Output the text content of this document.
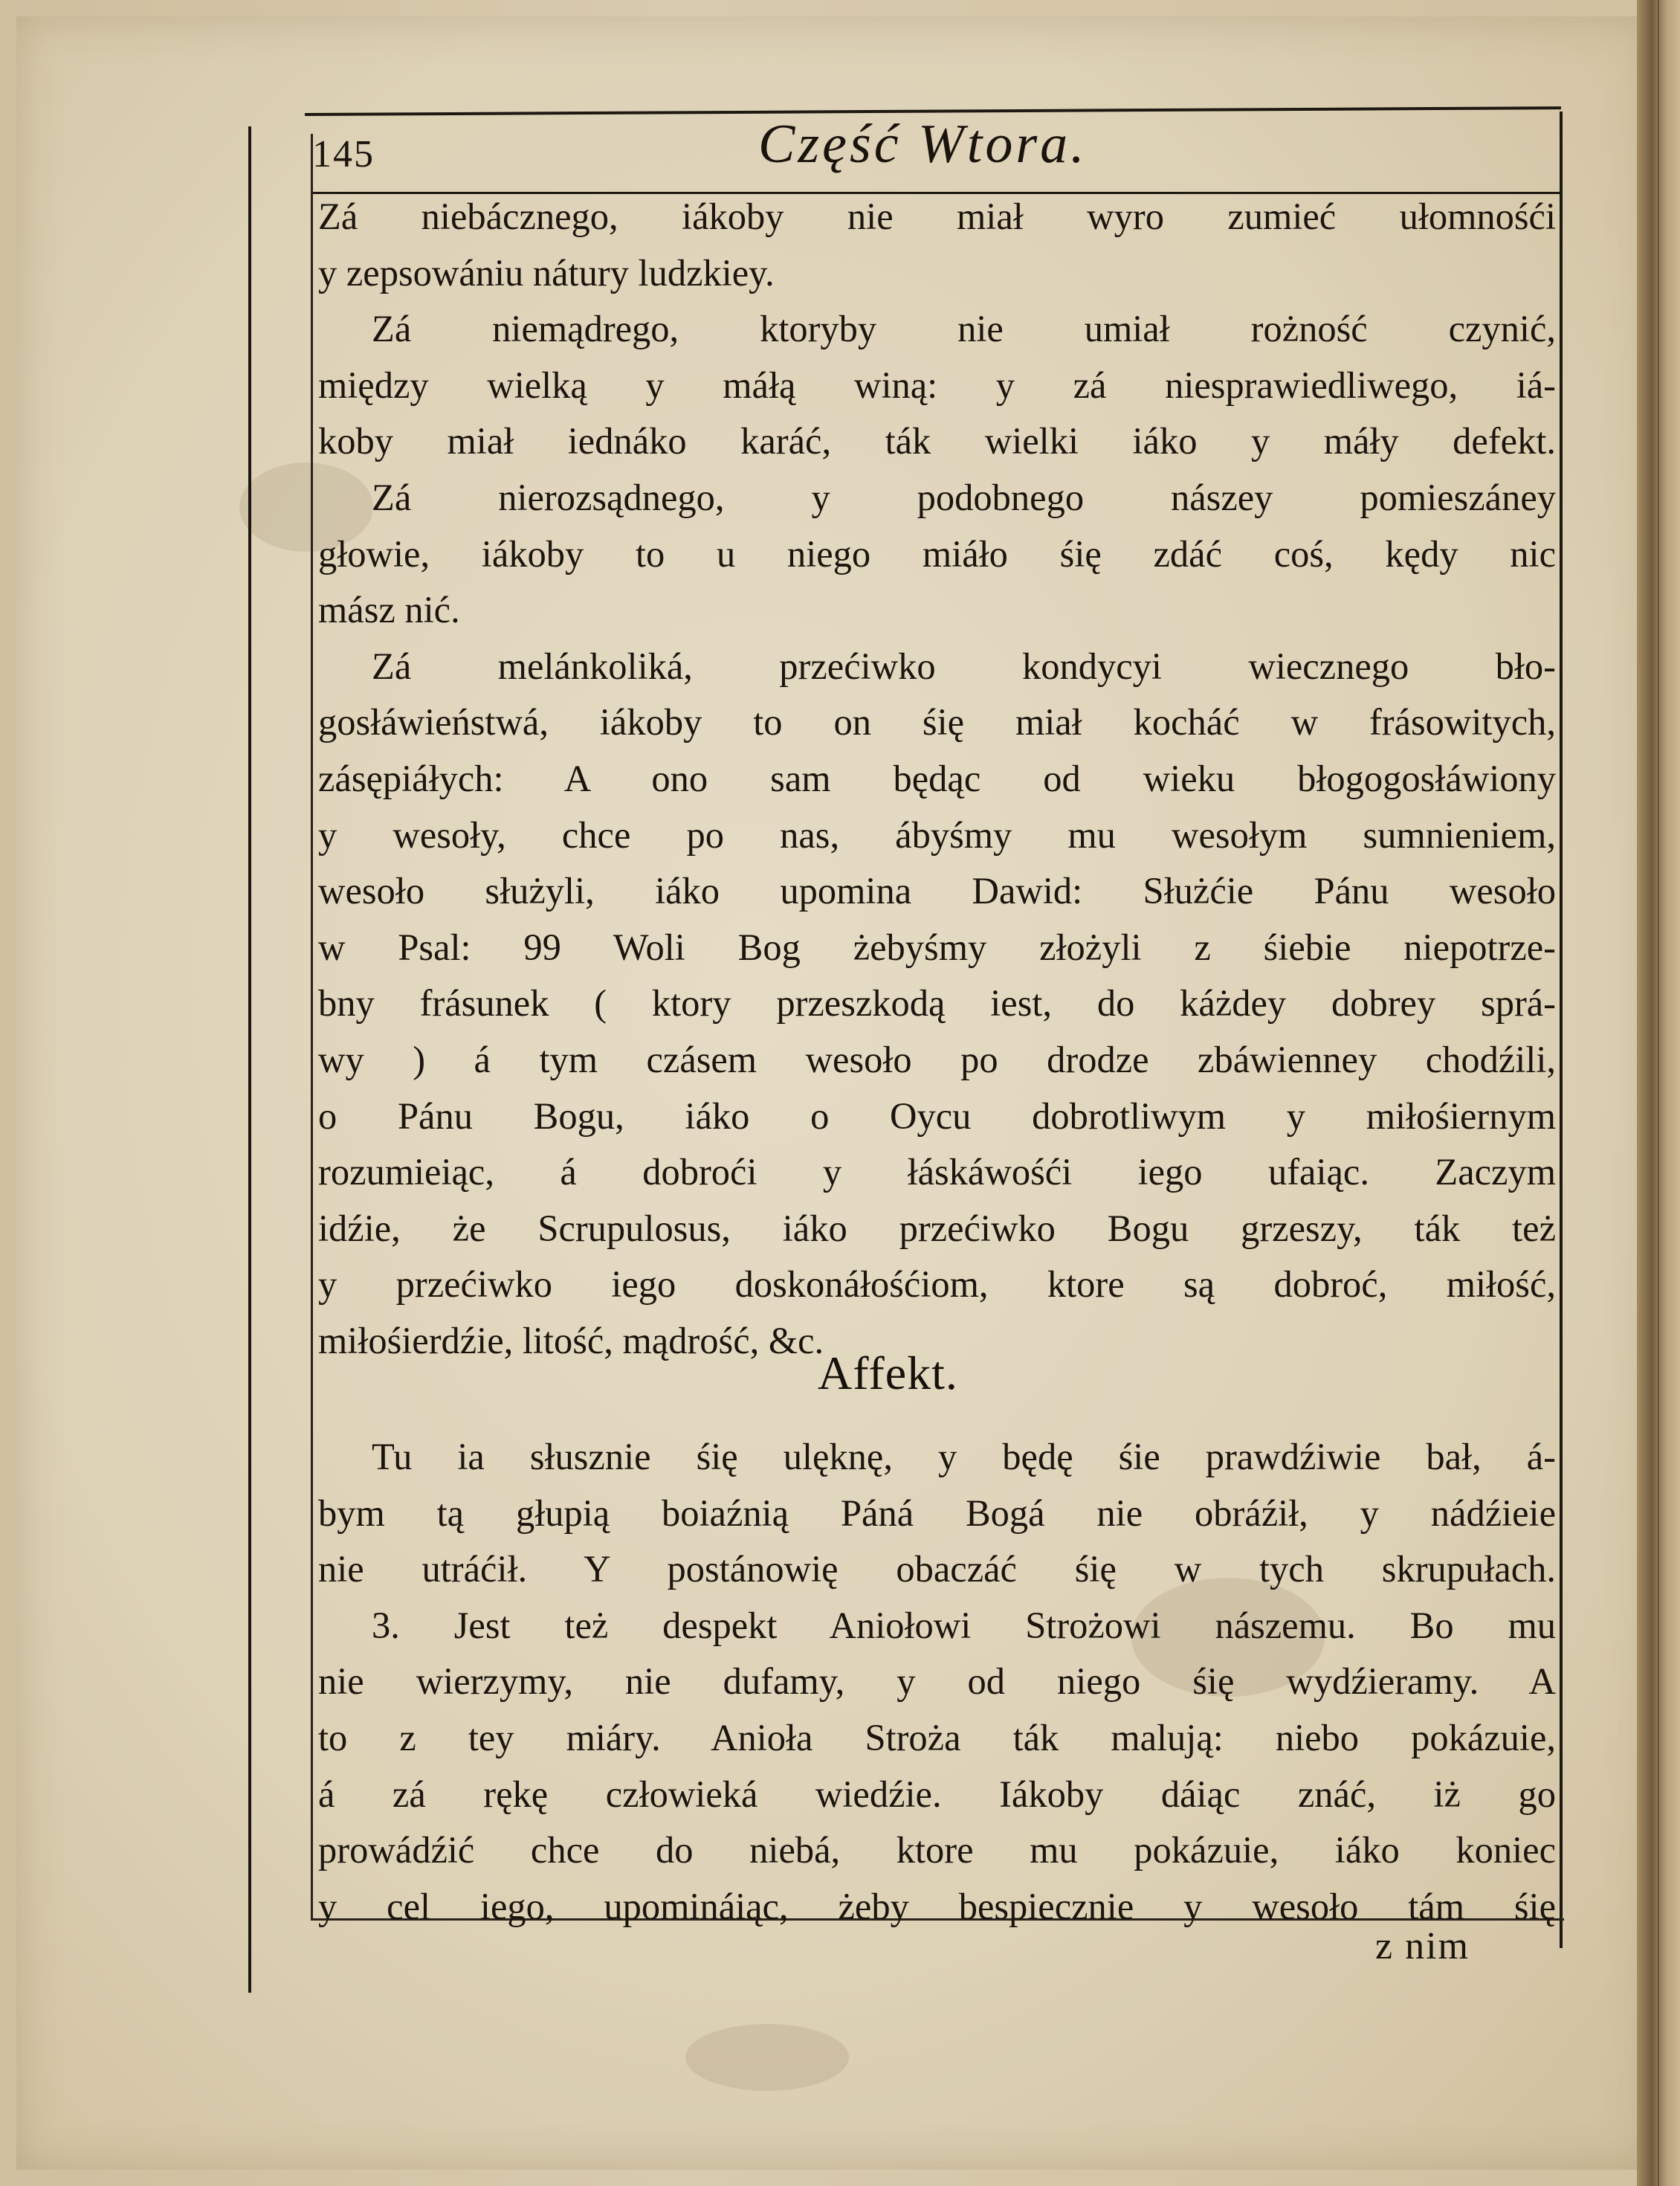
145	Część Wtora.
Zá niebácznego, iákoby nie miał wyro zumieć ułomnośći
y zepsowániu nátury ludzkiey.
Zá niemądrego, ktoryby nie umiał rożność czynić,
między wielką y máłą winą: y zá niesprawiedliwego, iá-
koby miał iednáko karáć, ták wielki iáko y máły defekt.
Zá nierozsądnego, y podobnego nászey pomieszáney
głowie, iákoby to u niego miáło śię zdáć coś, kędy nic
mász nić.
Zá melánkoliká, przećiwko kondycyi wiecznego bło-
gosłáwieństwá, iákoby to on śię miał kocháć w frásowitych,
zásępiáłych: A ono sam będąc od wieku błogogosłáwiony
y wesoły, chce po nas, ábyśmy mu wesołym sumnieniem,
wesoło służyli, iáko upomina Dawid: Służćie Pánu wesoło
w Psal: 99 Woli Bog żebyśmy złożyli z śiebie niepotrze-
bny frásunek ( ktory przeszkodą iest, do káżdey dobrey sprá-
wy ) á tym czásem wesoło po drodze zbáwienney chodźili,
o Pánu Bogu, iáko o Oycu dobrotliwym y miłośiernym
rozumieiąc, á dobroći y łáskáwośći iego ufaiąc. Zaczym
idźie, że Scrupulosus, iáko przećiwko Bogu grzeszy, ták też
y przećiwko iego doskonáłośćiom, ktore są dobroć, miłość,
miłośierdźie, litość, mądrość, &c.
Affekt.
Tu ia słusznie śię ulęknę, y będę śie prawdźiwie bał, á-
bym tą głupią boiaźnią Páná Bogá nie obráźił, y nádźieie
nie utráćił. Y postánowię obaczáć śię w tych skrupułach.
3. Jest też despekt Aniołowi Strożowi nászemu. Bo mu
nie wierzymy, nie dufamy, y od niego śię wydźieramy. A
to z tey miáry. Anioła Stroża ták malują: niebo pokázuie,
á zá rękę człowieká wiedźie. Iákoby dáiąc znáć, iż go
prowádźić chce do niebá, ktore mu pokázuie, iáko koniec
y cel iego, upomináiąc, żeby bespiecznie y wesoło tám śię
z nim
